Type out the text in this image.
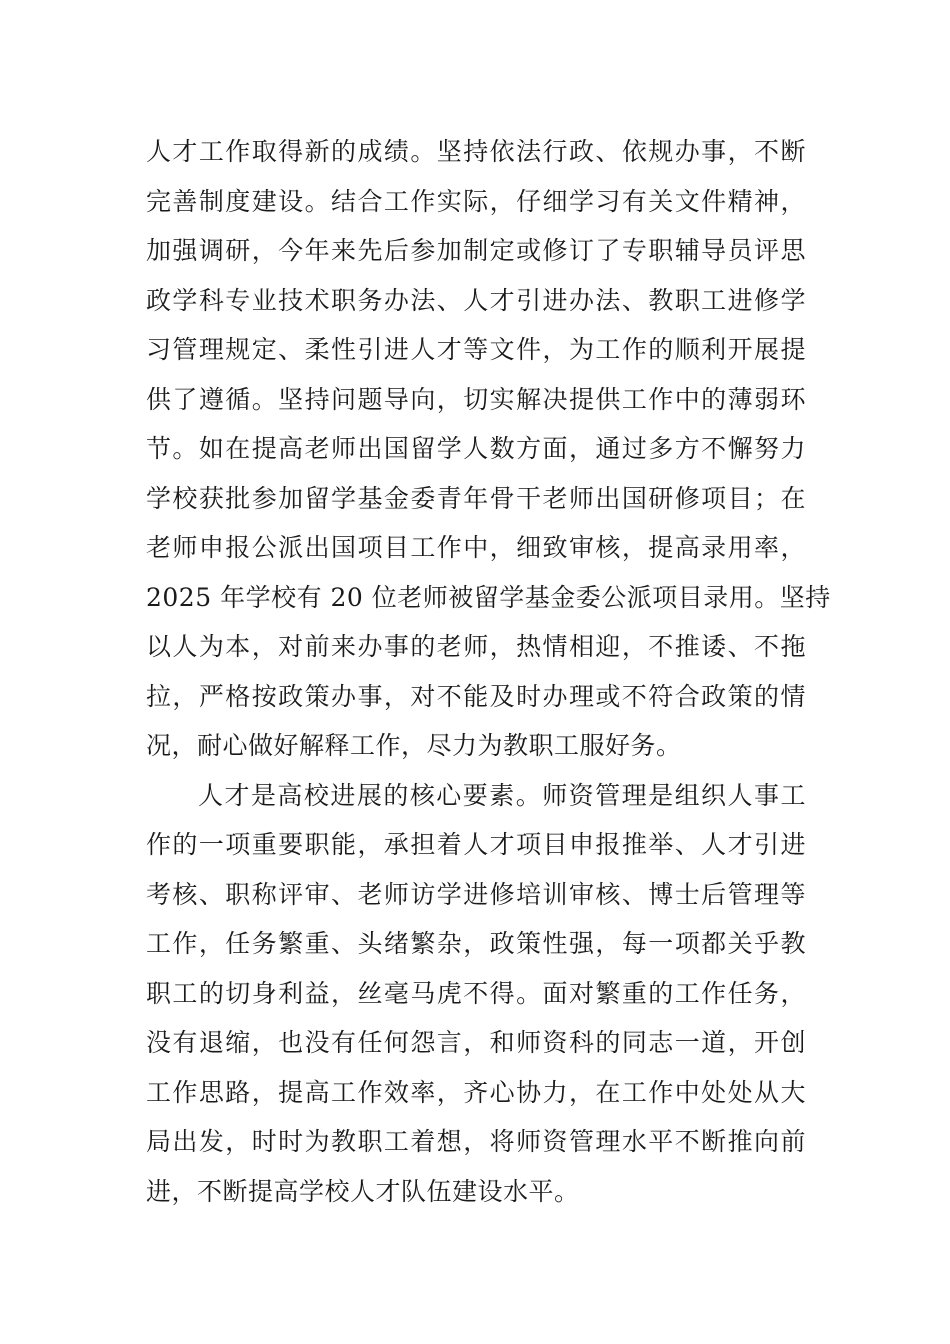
人才工作取得新的成绩。坚持依法行政、依规办事，不断
完善制度建设。结合工作实际，仔细学习有关文件精神，
加强调研，今年来先后参加制定或修订了专职辅导员评思
政学科专业技术职务办法、人才引进办法、教职工进修学
习管理规定、柔性引进人才等文件，为工作的顺利开展提
供了遵循。坚持问题导向，切实解决提供工作中的薄弱环
节。如在提高老师出国留学人数方面，通过多方不懈努力
学校获批参加留学基金委青年骨干老师出国研修项目；在
老师申报公派出国项目工作中，细致审核，提高录用率，
2025 年学校有 20 位老师被留学基金委公派项目录用。坚持
以人为本，对前来办事的老师，热情相迎，不推诿、不拖
拉，严格按政策办事，对不能及时办理或不符合政策的情
况，耐心做好解释工作，尽力为教职工服好务。
人才是高校进展的核心要素。师资管理是组织人事工
作的一项重要职能，承担着人才项目申报推举、人才引进
考核、职称评审、老师访学进修培训审核、博士后管理等
工作，任务繁重、头绪繁杂，政策性强，每一项都关乎教
职工的切身利益，丝毫马虎不得。面对繁重的工作任务，
没有退缩，也没有任何怨言，和师资科的同志一道，开创
工作思路，提高工作效率，齐心协力，在工作中处处从大
局出发，时时为教职工着想，将师资管理水平不断推向前
进，不断提高学校人才队伍建设水平。
